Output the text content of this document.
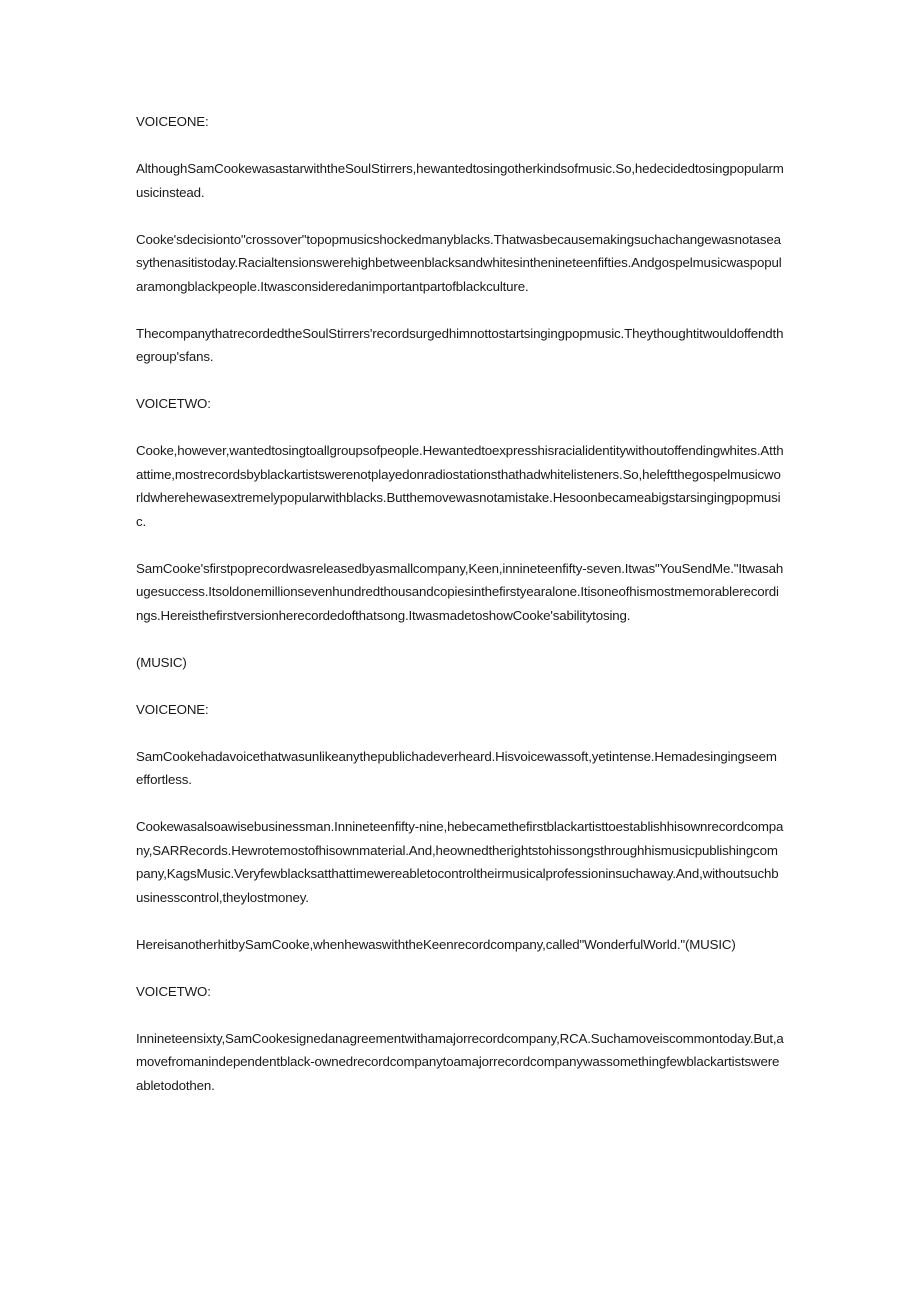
VOICEONE:

AlthoughSamCookewasastarwiththeSoulStirrers,hewantedtosingotherkindsofmusic.So,hedecidedtosingpopularmusicinstead.

Cooke'sdecisionto"crossover"topopmusicshockedmanyblacks.Thatwasbecausemakingsuchachangewasnotaseasythenasitistoday.Racialtensionswerehighbetweenblacksandwhitesinthenineteenfifties.Andgospelmusicwaspopularamongblackpeople.Itwasconsideredanimportantpartofblackculture.

ThecompanythatrecordedtheSoulStirrers'recordsurgedhimnottostartsingingpopmusic.Theythoughtitwouldoffendthegroup'sfans.

VOICETWO:

Cooke,however,wantedtosingtoallgroupsofpeople.Hewantedtoexpresshisracialidentitywithoutoffendingwhites.Atthattime,mostrecordsbyblackartistswerenotplayedonradiostationsthathadwhitelisteners.So,heleftthegospelmusicworldwherehewasextremelypopularwithblacks.Butthemovewasnotamistake.Hesoonbecameabigstarsingingpopmusic.

SamCooke'sfirstpoprecordwasreleasedbyasmallcompany,Keen,innineteenfifty-seven.Itwas"YouSendMe."Itwasahugesuccess.Itsoldonemillionsevenhundredthousandcopiesinthefirstyearalone.Itisoneofhismostmemorablerecordings.Hereisthefirstversionherecordedofthatsong.ItwasmadetoshowCooke'sabilitytosing.

(MUSIC)

VOICEONE:

SamCookehadavoicethatwasunlikeanythepublichadeverheard.Hisvoicewassoft,yetintense.Hemadesingingseemeffortless.

Cookewasalsoawisebusinessman.Innineteenfifty-nine,hebecamethefirstblackartisttoestablishhisownrecordcompany,SARRecords.Hewrotemostofhisownmaterial.And,heownedtherightstohissongsthroughhismusicpublishingcompany,KagsMusic.Veryfewblacksatthattimewereabletocontroltheirmusicalprofessioninsuchaway.And,withoutsuchbusinesscontrol,theylostmoney.

HereisanotherhitbySamCooke,whenhewaswiththeKeenrecordcompany,called"WonderfulWorld."(MUSIC)

VOICETWO:

Innineteensixty,SamCookesignedanagreementwithamajorrecordcompany,RCA.Suchamoveiscommontoday.But,amovefromanindependentblack-ownedrecordcompanytoamajorrecordcompanywassomethingfewblackartistswereabletodothen.
